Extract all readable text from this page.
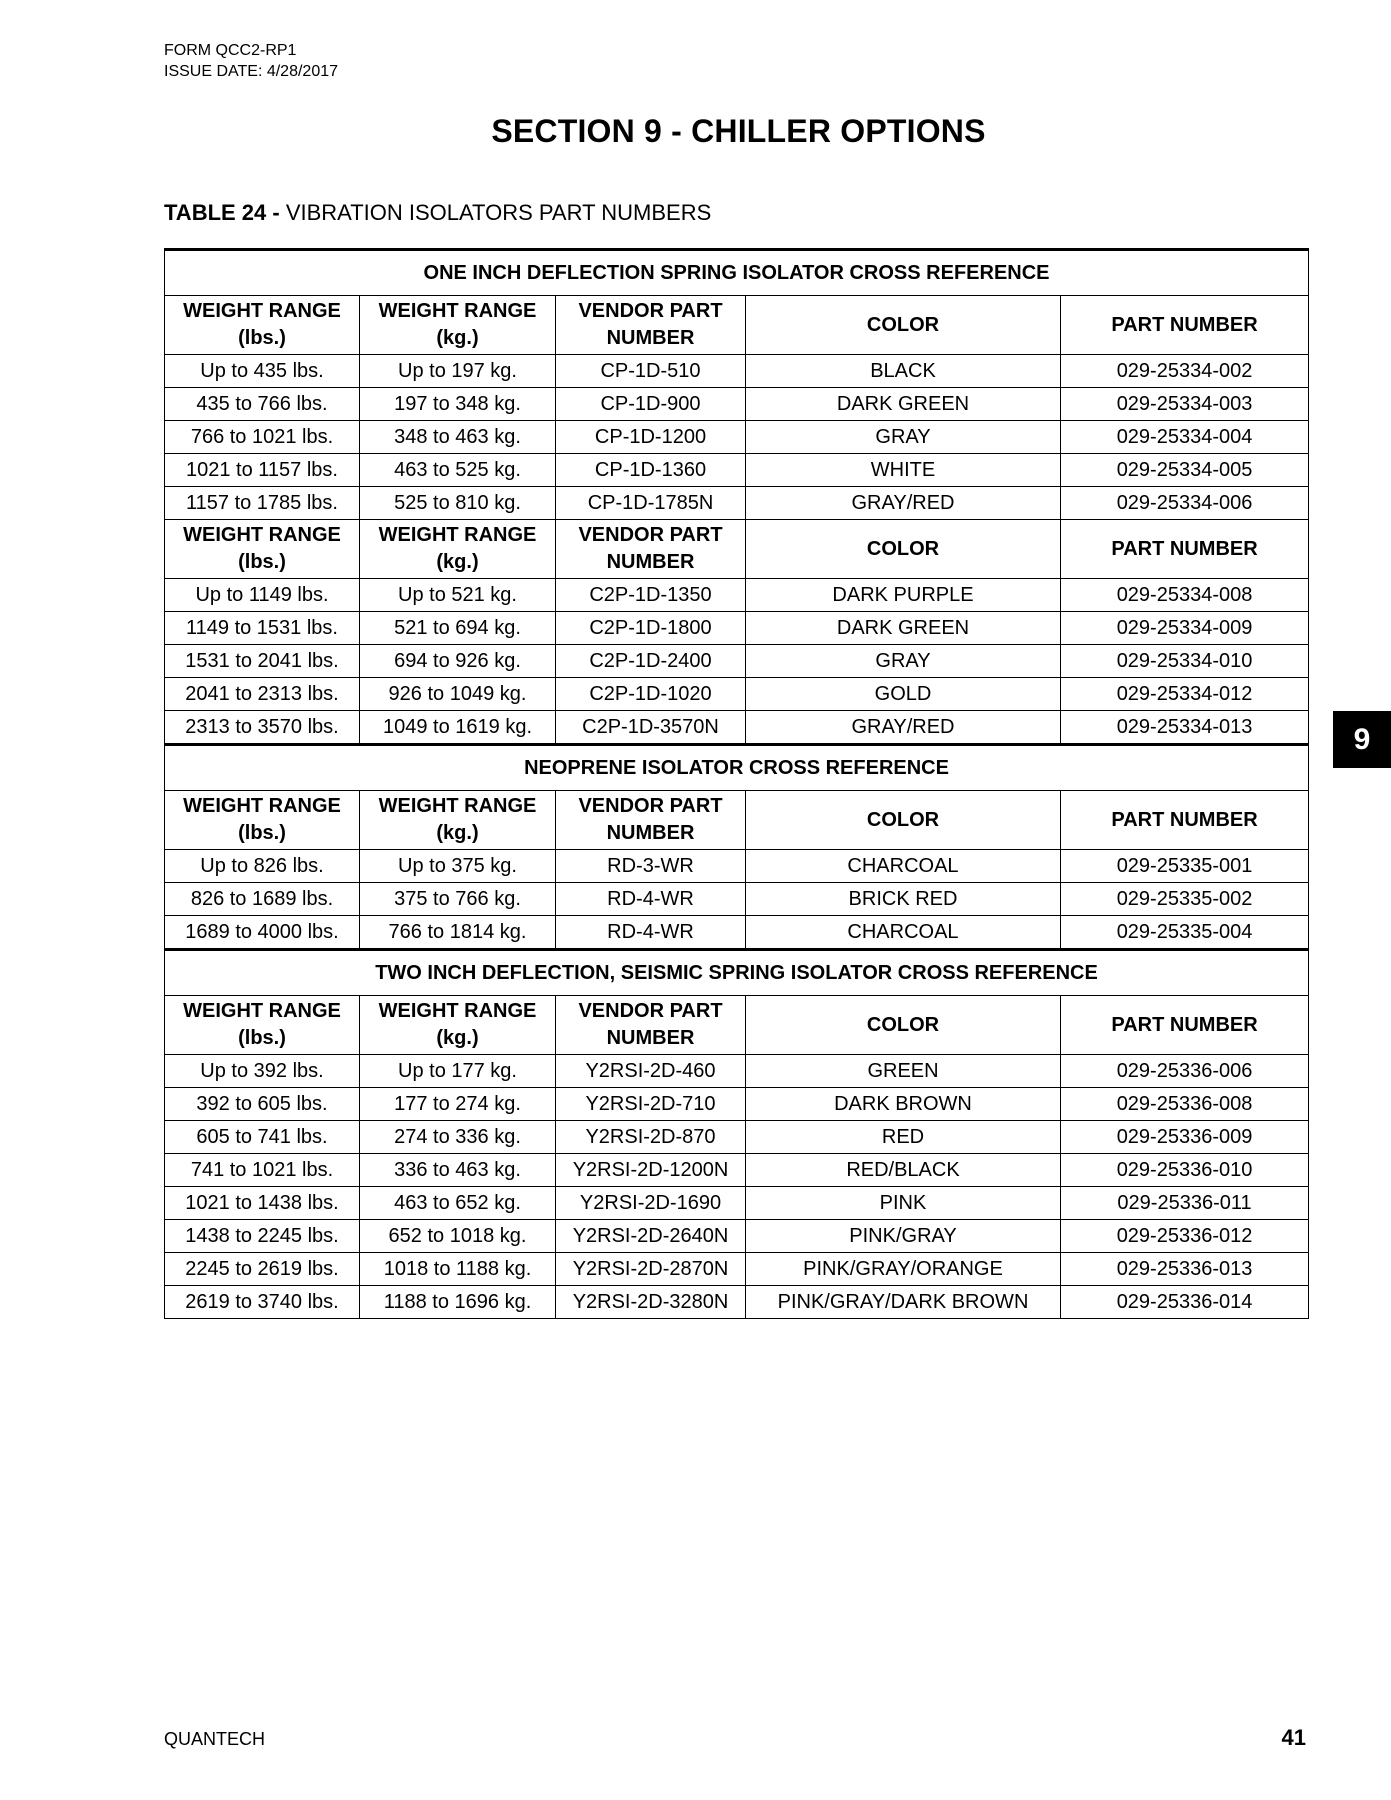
FORM QCC2-RP1
ISSUE DATE: 4/28/2017
SECTION 9 - CHILLER OPTIONS
TABLE 24 - VIBRATION ISOLATORS PART NUMBERS
9
ONE INCH DEFLECTION SPRING ISOLATOR CROSS REFERENCE				

WEIGHT RANGE
(lbs.)	WEIGHT RANGE
(kg.)	VENDOR PART
NUMBER	COLOR	PART NUMBER
Up to 435 lbs.	Up to 197 kg.	CP-1D-510	BLACK	029-25334-002
435 to 766 lbs.	197 to 348 kg.	CP-1D-900	DARK GREEN	029-25334-003
766 to 1021 lbs.	348 to 463 kg.	CP-1D-1200	GRAY	029-25334-004
1021 to 1157 lbs.	463 to 525 kg.	CP-1D-1360	WHITE	029-25334-005
1157 to 1785 lbs.	525 to 810 kg.	CP-1D-1785N	GRAY/RED	029-25334-006

WEIGHT RANGE
(lbs.)	WEIGHT RANGE
(kg.)	VENDOR PART
NUMBER	COLOR	PART NUMBER
Up to 1149 lbs.	Up to 521 kg.	C2P-1D-1350	DARK PURPLE	029-25334-008
1149 to 1531 lbs.	521 to 694 kg.	C2P-1D-1800	DARK GREEN	029-25334-009
1531 to 2041 lbs.	694 to 926 kg.	C2P-1D-2400	GRAY	029-25334-010
2041 to 2313 lbs.	926 to 1049 kg.	C2P-1D-1020	GOLD	029-25334-012
2313 to 3570 lbs.	1049 to 1619 kg.	C2P-1D-3570N	GRAY/RED	029-25334-013
NEOPRENE ISOLATOR CROSS REFERENCE				

WEIGHT RANGE
(lbs.)	WEIGHT RANGE
(kg.)	VENDOR PART
NUMBER	COLOR	PART NUMBER
Up to 826 lbs.	Up to 375 kg.	RD-3-WR	CHARCOAL	029-25335-001
826 to 1689 lbs.	375 to 766 kg.	RD-4-WR	BRICK RED	029-25335-002
1689 to 4000 lbs.	766 to 1814 kg.	RD-4-WR	CHARCOAL	029-25335-004
TWO INCH DEFLECTION, SEISMIC SPRING ISOLATOR CROSS REFERENCE				

WEIGHT RANGE
(lbs.)	WEIGHT RANGE
(kg.)	VENDOR PART
NUMBER	COLOR	PART NUMBER
Up to 392 lbs.	Up to 177 kg.	Y2RSI-2D-460	GREEN	029-25336-006
392 to 605 lbs.	177 to 274 kg.	Y2RSI-2D-710	DARK BROWN	029-25336-008
605 to 741 lbs.	274 to 336 kg.	Y2RSI-2D-870	RED	029-25336-009
741 to 1021 lbs.	336 to 463 kg.	Y2RSI-2D-1200N	RED/BLACK	029-25336-010
1021 to 1438 lbs.	463 to 652 kg.	Y2RSI-2D-1690	PINK	029-25336-011
1438 to 2245 lbs.	652 to 1018 kg.	Y2RSI-2D-2640N	PINK/GRAY	029-25336-012
2245 to 2619 lbs.	1018 to 1188 kg.	Y2RSI-2D-2870N	PINK/GRAY/ORANGE	029-25336-013
2619 to 3740 lbs.	1188 to 1696 kg.	Y2RSI-2D-3280N	PINK/GRAY/DARK BROWN	029-25336-014
QUANTECH	41
